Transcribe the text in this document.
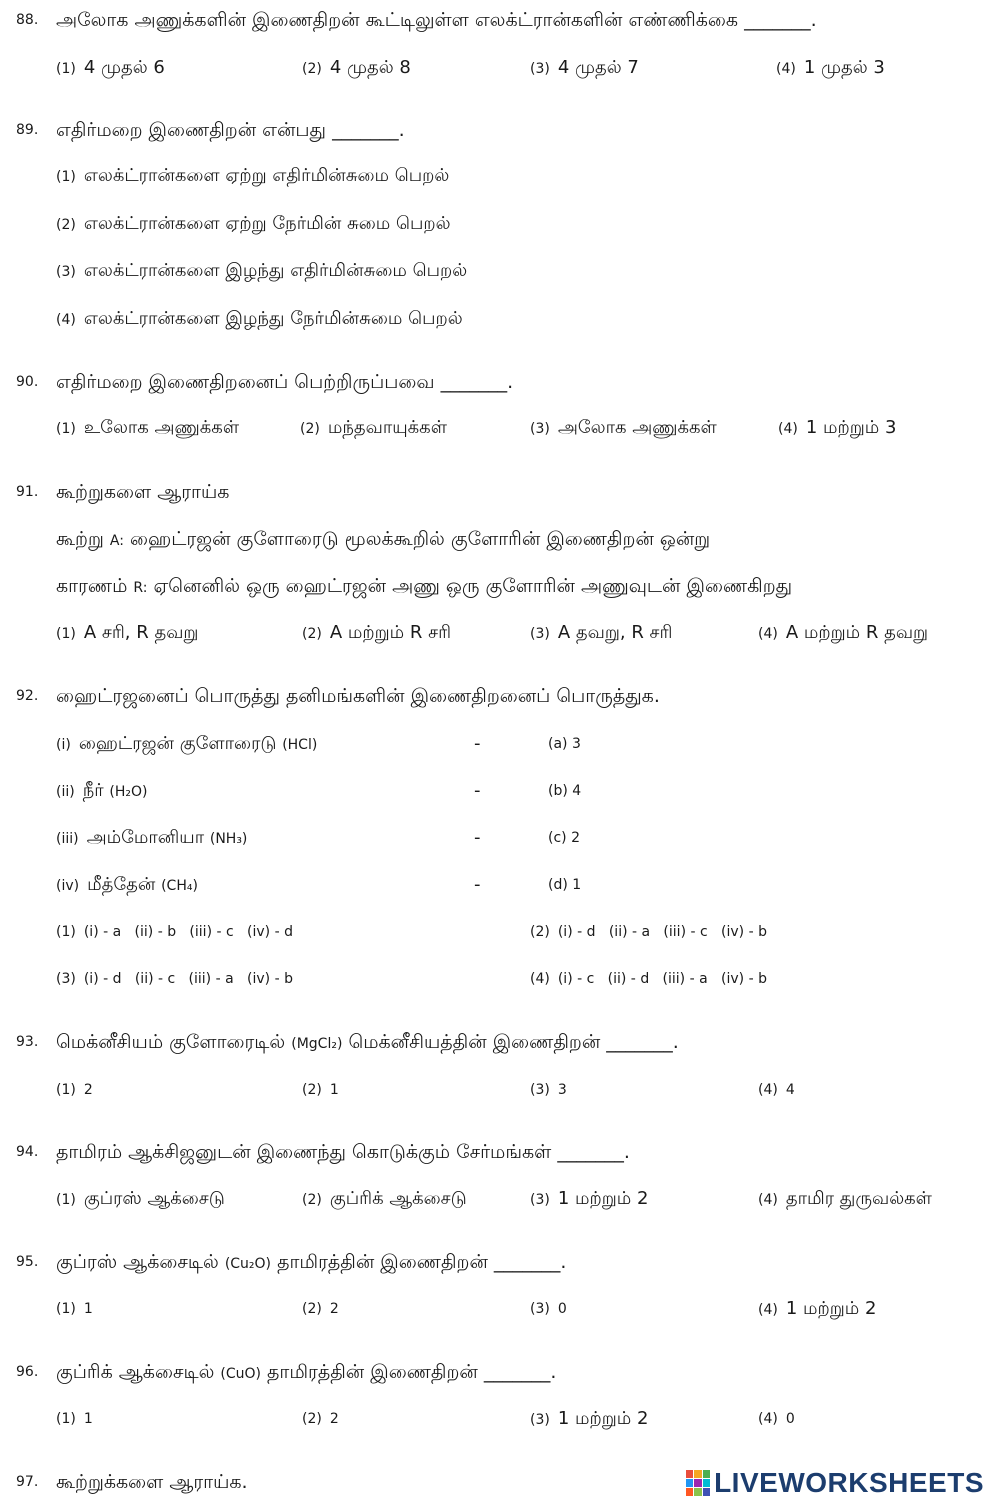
88. அலோக அணுக்களின் இணைதிறன் கூட்டிலுள்ள எலக்ட்ரான்களின் எண்ணிக்கை _______.
(1) 4 முதல் 6	(2) 4 முதல் 8	(3) 4 முதல் 7	(4) 1 முதல் 3
89. எதிர்மறை இணைதிறன் என்பது _______.
(1) எலக்ட்ரான்களை ஏற்று எதிர்மின்சுமை பெறல்
(2) எலக்ட்ரான்களை ஏற்று நேர்மின் சுமை பெறல்
(3) எலக்ட்ரான்களை இழந்து எதிர்மின்சுமை பெறல்
(4) எலக்ட்ரான்களை இழந்து நேர்மின்சுமை பெறல்
90. எதிர்மறை இணைதிறனைப் பெற்றிருப்பவை _______.
(1) உலோக அணுக்கள்	(2) மந்தவாயுக்கள்	(3) அலோக அணுக்கள்	(4) 1 மற்றும் 3
91. கூற்றுகளை ஆராய்க
கூற்று A: ஹைட்ரஜன் குளோரைடு மூலக்கூறில் குளோரின் இணைதிறன் ஒன்று
காரணம் R: ஏனெனில் ஒரு ஹைட்ரஜன் அணு ஒரு குளோரின் அணுவுடன் இணைகிறது
(1) A சரி, R தவறு	(2) A மற்றும் R சரி	(3) A தவறு, R சரி	(4) A மற்றும் R தவறு
92. ஹைட்ரஜனைப் பொருத்து தனிமங்களின் இணைதிறனைப் பொருத்துக.
(i) ஹைட்ரஜன் குளோரைடு (HCl)	-	(a) 3
(ii) நீர் (H₂O)	-	(b) 4
(iii) அம்மோனியா (NH₃)	-	(c) 2
(iv) மீத்தேன் (CH₄)	-	(d) 1
(1) (i) - a   (ii) - b   (iii) - c   (iv) - d	(2) (i) - d   (ii) - a   (iii) - c   (iv) - b
(3) (i) - d   (ii) - c   (iii) - a   (iv) - b	(4) (i) - c   (ii) - d   (iii) - a   (iv) - b
93. மெக்னீசியம் குளோரைடில் (MgCl₂) மெக்னீசியத்தின் இணைதிறன் _______.
(1) 2	(2) 1	(3) 3	(4) 4
94. தாமிரம் ஆக்சிஜனுடன் இணைந்து கொடுக்கும் சேர்மங்கள் _______.
(1) குப்ரஸ் ஆக்சைடு	(2) குப்ரிக் ஆக்சைடு	(3) 1 மற்றும் 2	(4) தாமிர துருவல்கள்
95. குப்ரஸ் ஆக்சைடில் (Cu₂O) தாமிரத்தின் இணைதிறன் _______.
(1) 1	(2) 2	(3) 0	(4) 1 மற்றும் 2
96. குப்ரிக் ஆக்சைடில் (CuO) தாமிரத்தின் இணைதிறன் _______.
(1) 1	(2) 2	(3) 1 மற்றும் 2	(4) 0
97. கூற்றுக்களை ஆராய்க.	LIVEWORKSHEETS
